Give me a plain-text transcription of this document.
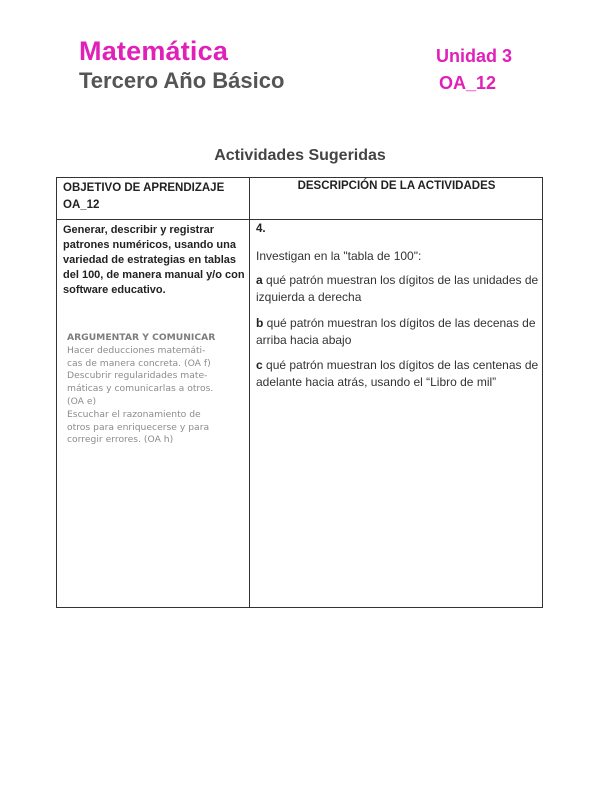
Matemática
Tercero Año Básico
Unidad 3
OA_12
Actividades Sugeridas
OBJETIVO DE APRENDIZAJE
OA_12
DESCRIPCIÓN DE LA ACTIVIDADES
Generar, describir y registrar patrones numéricos, usando una variedad de estrategias en tablas del 100, de manera manual y/o con software educativo.
ARGUMENTAR Y COMUNICAR
Hacer deducciones matemáti-
cas de manera concreta. (OA f)
Descubrir regularidades mate-
máticas y comunicarlas a otros.
(OA e)
Escuchar el razonamiento de
otros para enriquecerse y para
corregir errores. (OA h)
4.
Investigan en la "tabla de 100":
a qué patrón muestran los dígitos de las unidades de izquierda a derecha
b qué patrón muestran los dígitos de las decenas de arriba hacia abajo
c qué patrón muestran los dígitos de las centenas de adelante hacia atrás, usando el “Libro de mil”
